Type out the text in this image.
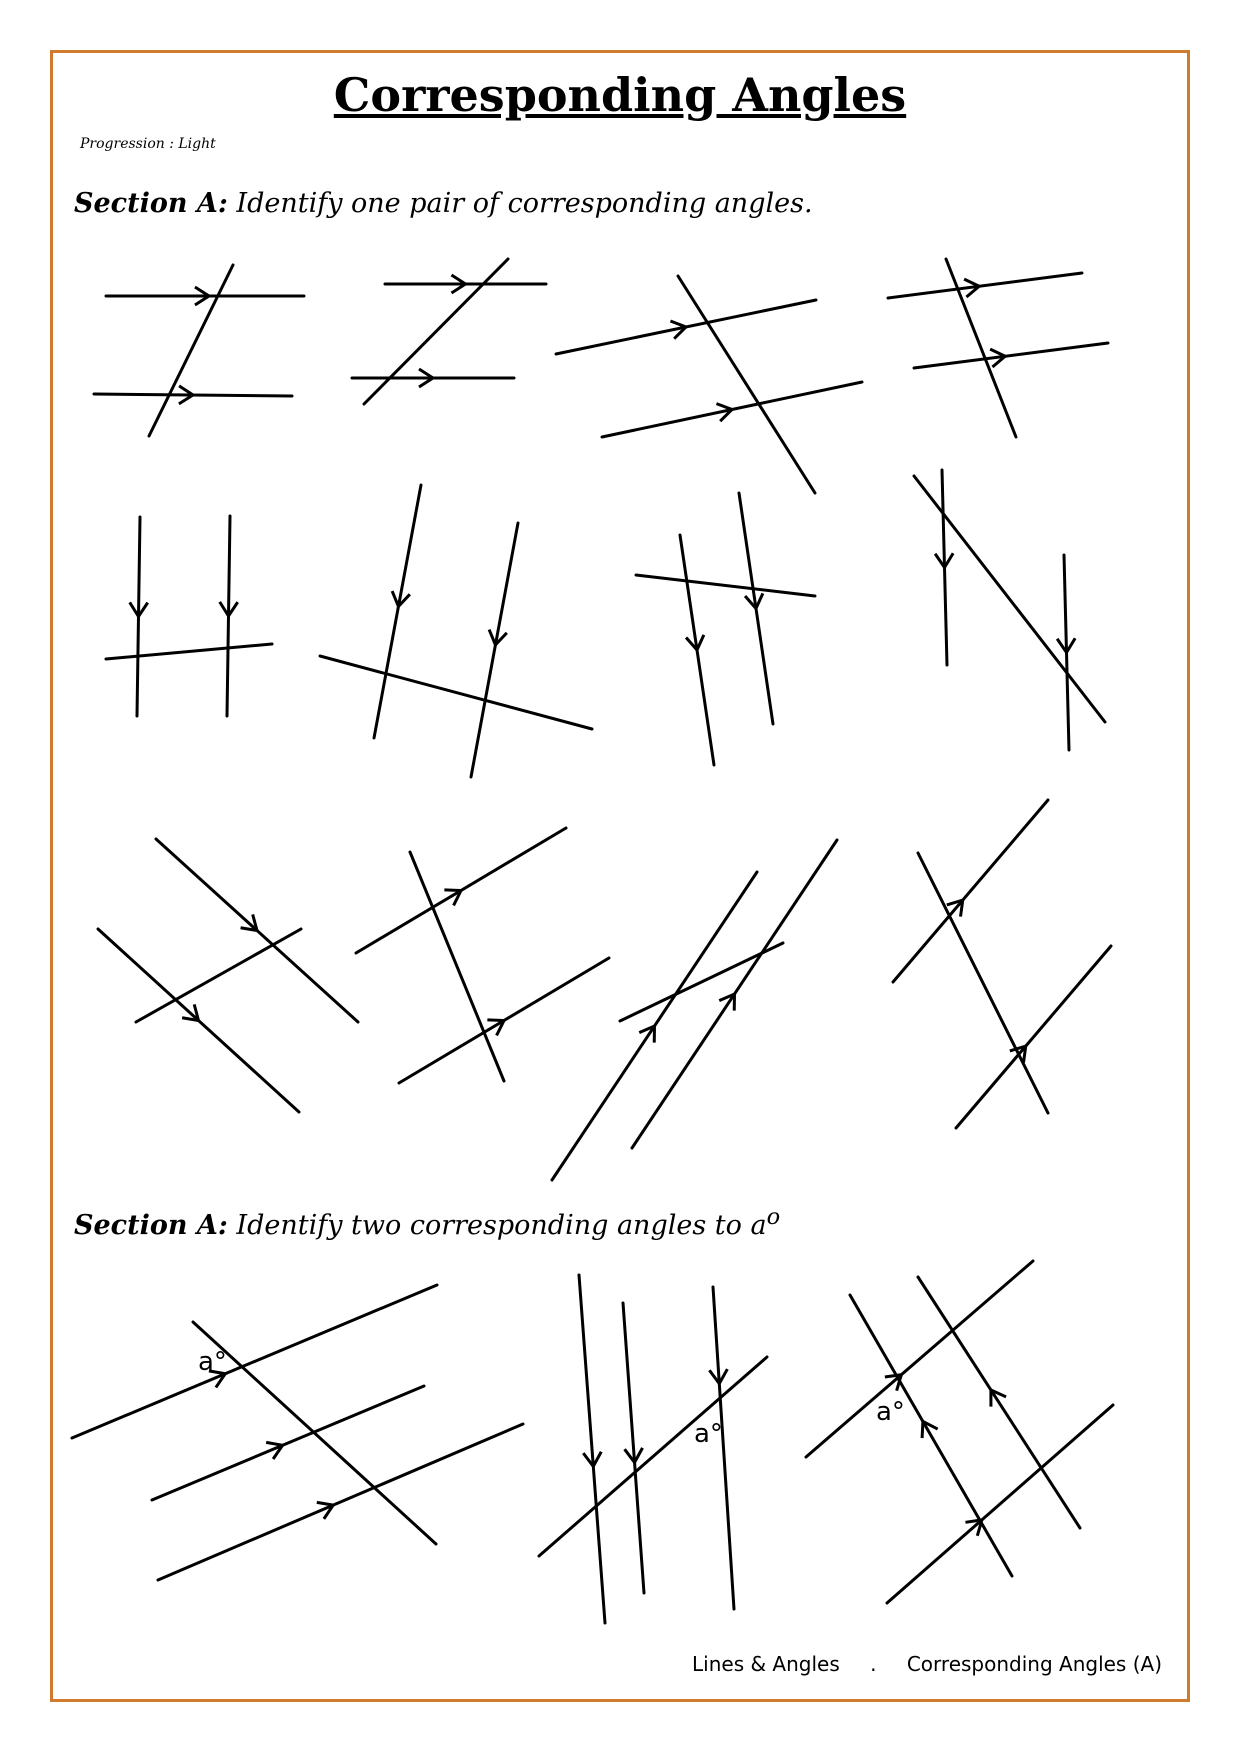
Corresponding Angles
Progression : Light
Section A: Identify one pair of corresponding angles.
Section A: Identify two corresponding angles to $a^o$
a°
a°
a°
Lines & Angles . Corresponding Angles (A)
